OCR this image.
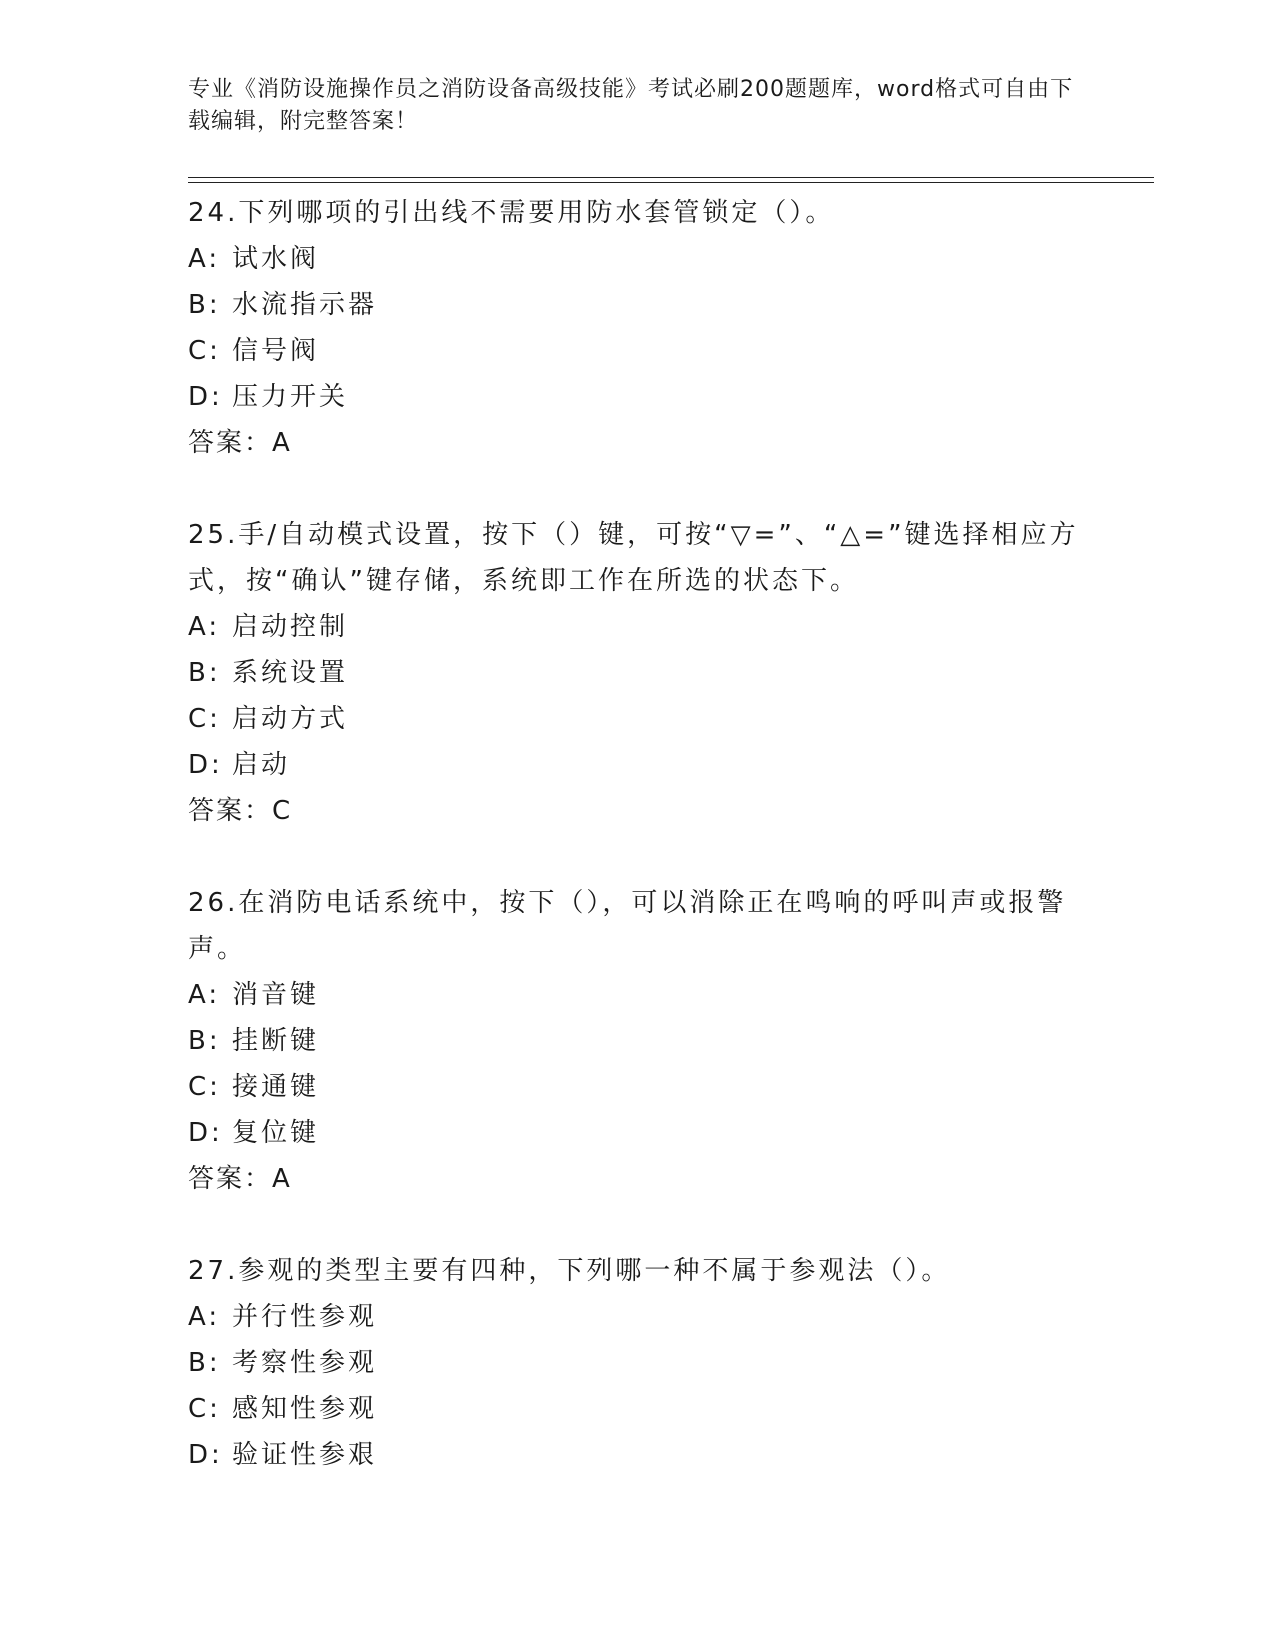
专业《消防设施操作员之消防设备高级技能》考试必刷200题题库，word格式可自由下载编辑，附完整答案！
24.下列哪项的引出线不需要用防水套管锁定（）。
A: 试水阀
B: 水流指示器
C: 信号阀
D: 压力开关
答案：A
25.手/自动模式设置，按下（）键，可按“▽=”、“△=”键选择相应方式，按“确认”键存储，系统即工作在所选的状态下。
A: 启动控制
B: 系统设置
C: 启动方式
D: 启动
答案：C
26.在消防电话系统中，按下（），可以消除正在鸣响的呼叫声或报警声。
A: 消音键
B: 挂断键
C: 接通键
D: 复位键
答案：A
27.参观的类型主要有四种，下列哪一种不属于参观法（）。
A: 并行性参观
B: 考察性参观
C: 感知性参观
D: 验证性参艰
